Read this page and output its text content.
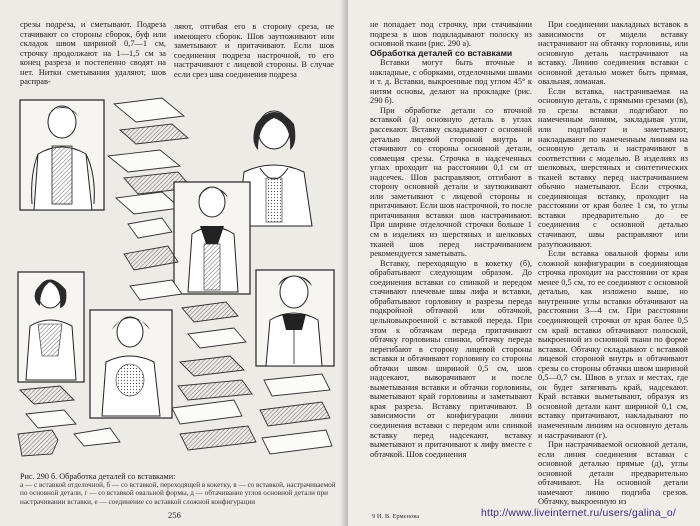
срезы подреза, и сметывают. Подреза стачивают со стороны сборок, буф или складок швом шириной 0,7—1 см, строчку продолжают на 1—1,5 см за конец разреза и постепенно сводят на нет. Нитки сметывания удаляют, шов расправ-

ляют, отгибая его в сторону среза, не имеющего сборок. Шов заутюживают или заметывают и притачивают. Если шов соединения подреза настрочной, то его настрачивают с лицевой стороны. В случае если срез шва соединения подреза

Рис. 290 б. Обработка деталей со вставками:
а — с вставкой отделочной, б — со вставкой, переходящей в кокетку, в — со вставкой, настрачиваемой по основной детали, г — со вставкой овальной формы, д — обтачивание углов основной детали при настрачивании вставки, е — соединение со вставкой сложной конфигурации
256

не попадает под строчку, при стачивании подреза в шов подкладывают полоску из основной ткани (рис. 290 а).

Обработка деталей со вставками

Вставки могут быть вточные и накладные, с оборками, отделочными швами и т. д. Вставки, выкроенные под углом 45° к нитям основы, делают на прокладке (рис. 290 б).

При обработке детали со вточной вставкой (а) основную деталь в углах рассекают. Вставку складывают с основной деталью лицевой стороной внутрь и стачивают со стороны основной детали, совмещая срезы. Строчка в надсеченных углах проходит на расстоянии 0,1 см от надсечек. Шов расправляют, отгибают в сторону основной детали и заутюживают или заметывают с лицевой стороны и притачивают. Если шов настрочной, то после притачивания вставки шов настрачивают. При ширине отделочной строчки больше 1 см в изделиях из шерстяных и шелковых тканей шов перед настрачиванием рекомендуется заметывать.

Вставку, переходящую в кокетку (б), обрабатывают следующим образом. До соединения вставки со спинкой и передом стачивают плечевые швы лифа и вставки, обрабатывают горловину и разрезы переда подкройной обтачкой или обтачкой, цельновыкроенной с вставкой переда. При этом к обтачкам переда притачивают обтачку горловины спинки, обтачку переда перегибают в сторону лицевой стороны вставки и обтачивают горловину со стороны обтачки швом шириной 0,5 см, шов надсекают, выворачивают и после выметывания вставки и обтачки горловины, выметывают край горловины и заметывают края разреза. Вставку притачивают. В зависимости от конфигурации линии соединения вставки с передом или спинкой вставку перед надсекают, вставку выметывают и притачивают к лифу вместе с обтачкой. Шов соединения

При соединении накладных вставок в зависимости от модели вставку настрачивают на обтачку горловины, или основную деталь настрачивают на вставку. Линию соединения вставки с основной деталью может быть прямая, овальная, ломаная.

Если вставка, настрачиваемая на основную деталь, с прямыми срезами (в), то срезы вставки подгибают по намеченным линиям, закладывая угли, или подгибают и заметывают, накладывают по намеченным линиям на основную деталь и настрачивают в соответствии с моделью. В изделиях из шелковых, шерстяных и синтетических тканей вставку перед настрачиванием обычно наметывают. Если строчка, соединяющая вставку, проходит на расстоянии от края более 1 см, то углы вставки предварительно до ее соединения с основной деталью стачивают, швы расправляют или разутюживают.

Если вставка овальной формы или сложной конфигурации в соединяющая строчка проходит на расстоянии от края менее 0,5 см, то ее соединяют с основной деталью, как изложено выше, но внутренние углы вставки обтачивают на расстоянии 3—4 см. При расстоянии соединяющей строчки от края более 0,5 см край вставки обтачивают полоской, выкроенной из основной ткани по форме вставки. Обтачку складывают с вставкой лицевой стороной внутрь и обтачивают срезы со стороны обтачки швом шириной 0,5—0,7 см. Швов в углах и местах, где он будет затягивать край, надсекают. Край вставки выметывают, образуя из основной детали кант шириной 0,1 см, вставку притачивают, накладывают по намеченным линиям на основную деталь и настрачивают (г).

При настрачиваемой основной детали, если линия соединения вставки с основной деталью прямые (д), углы основной детали предварительно обтачивают. На основной детали намечают линию подгиба срезов. Обтачку, выкроенную из

9 И. В. Ерменова	http://www.liveinternet.ru/users/galina_o/
